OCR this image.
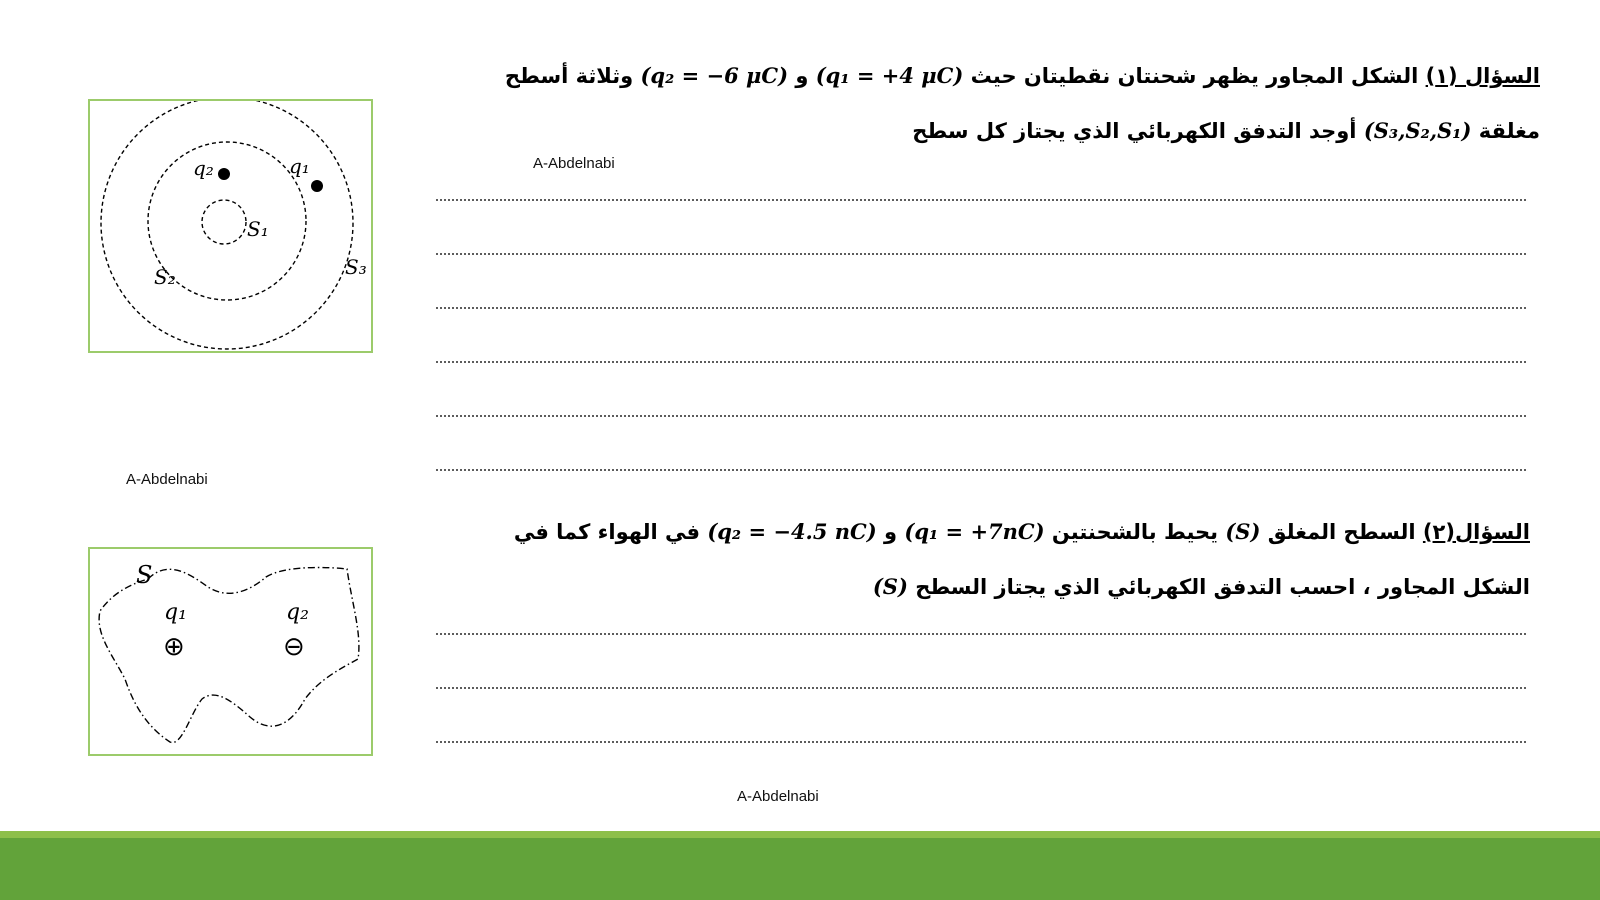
السؤال (١) الشكل المجاور يظهر شحنتان نقطيتان حيث (q₁ = +4 μC) و (q₂ = −6 μC) وثلاثة أسطح
مغلقة (S₃,S₂,S₁) أوجد التدفق الكهربائي الذي يجتاز كل سطح
A-Abdelnabi
q₂	q₁
S₁
S₂	S₃
A-Abdelnabi
السؤال(٢) السطح المغلق (S) يحيط بالشحنتين (q₁ = +7nC) و (q₂ = −4.5 nC) في الهواء كما في
الشكل المجاور ، احسب التدفق الكهربائي الذي يجتاز السطح (S)
S
q₁	q₂
⊕	⊖
A-Abdelnabi
